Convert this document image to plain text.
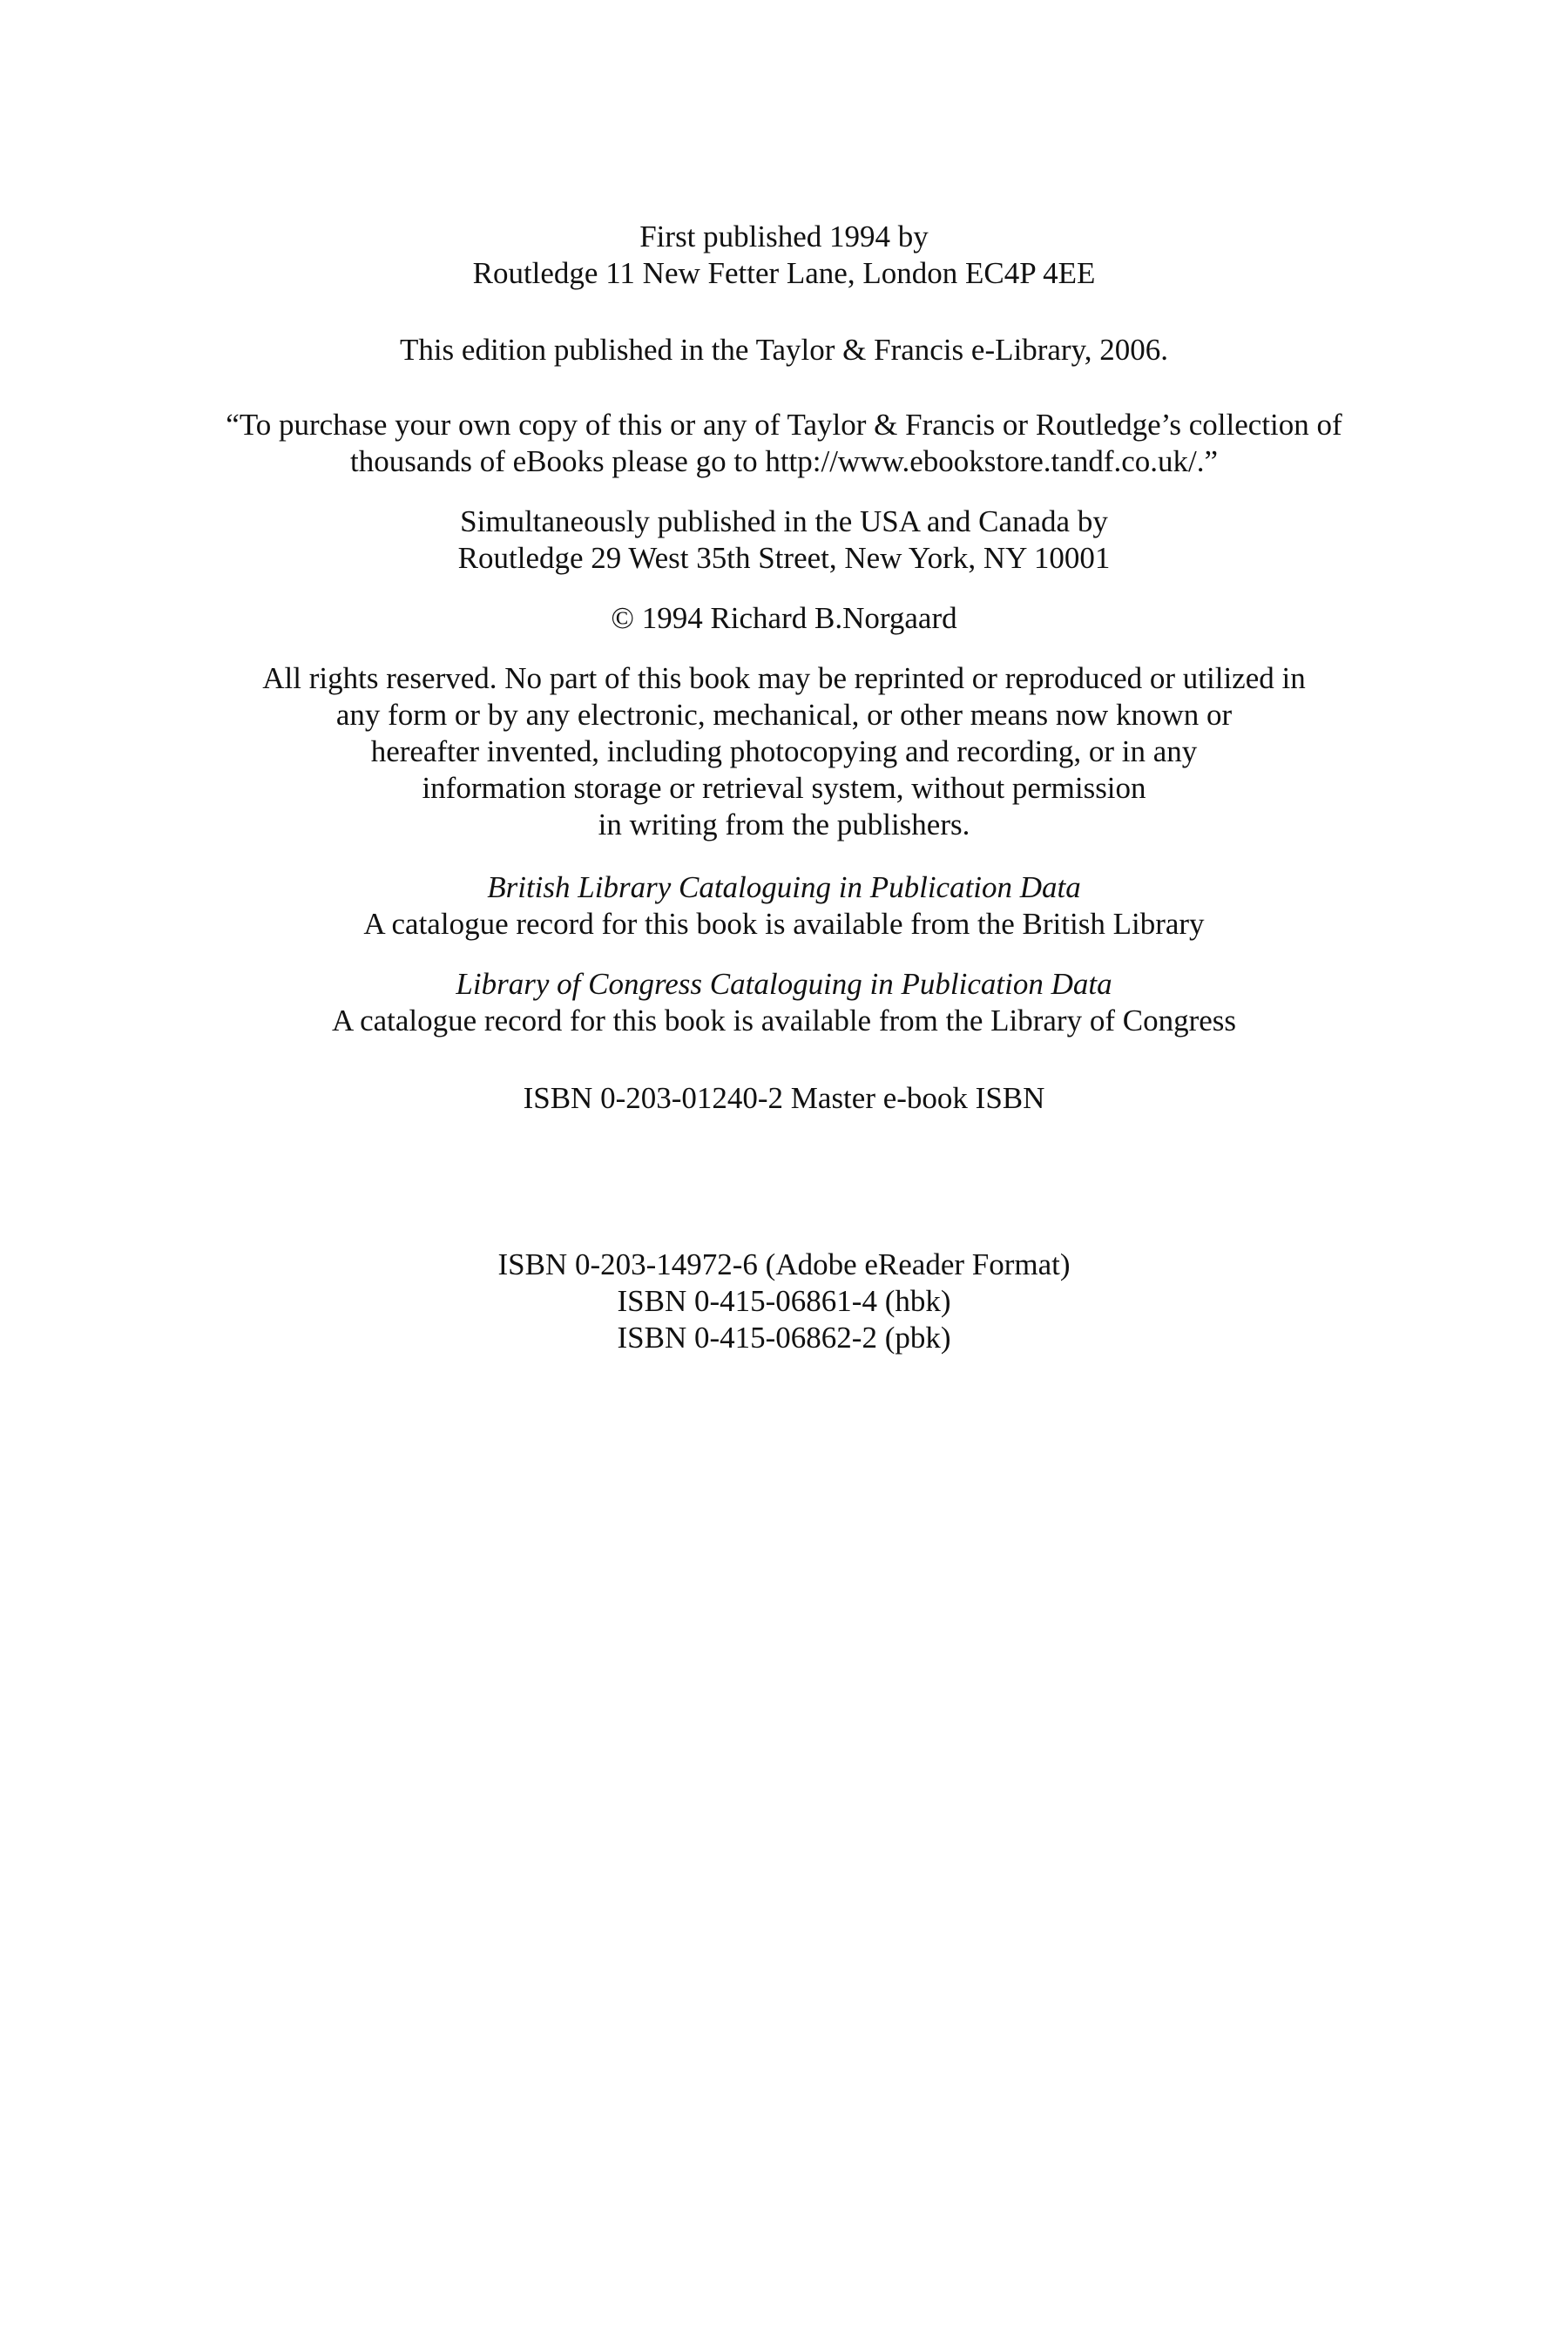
First published 1994 by
Routledge 11 New Fetter Lane, London EC4P 4EE
This edition published in the Taylor & Francis e-Library, 2006.
“To purchase your own copy of this or any of Taylor & Francis or Routledge’s collection of
thousands of eBooks please go to http://www.ebookstore.tandf.co.uk/.”
Simultaneously published in the USA and Canada by
Routledge 29 West 35th Street, New York, NY 10001
© 1994 Richard B.Norgaard
All rights reserved. No part of this book may be reprinted or reproduced or utilized in
any form or by any electronic, mechanical, or other means now known or
hereafter invented, including photocopying and recording, or in any
information storage or retrieval system, without permission
in writing from the publishers.
British Library Cataloguing in Publication Data
A catalogue record for this book is available from the British Library
Library of Congress Cataloguing in Publication Data
A catalogue record for this book is available from the Library of Congress
ISBN 0-203-01240-2 Master e-book ISBN
ISBN 0-203-14972-6 (Adobe eReader Format)
ISBN 0-415-06861-4 (hbk)
ISBN 0-415-06862-2 (pbk)
